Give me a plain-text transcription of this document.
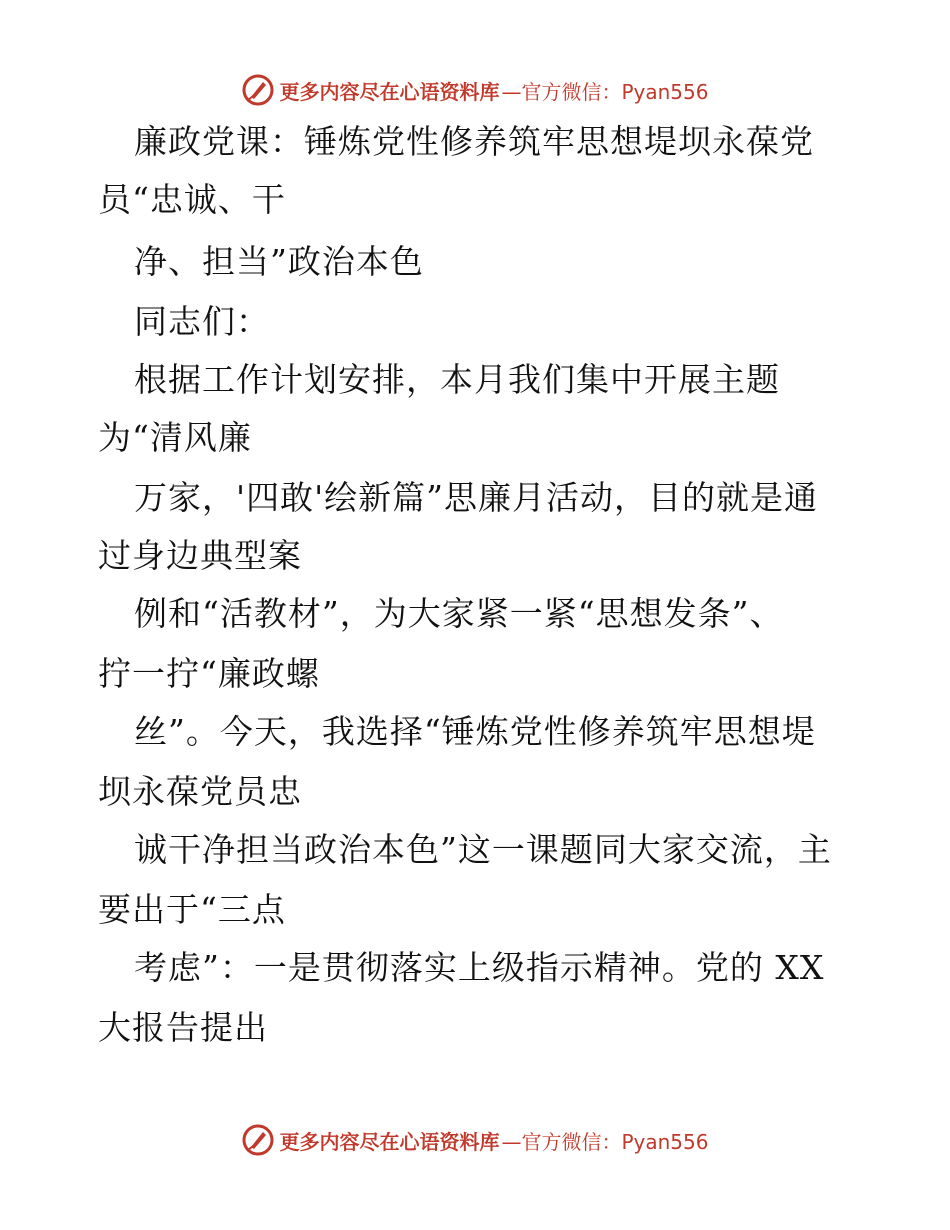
更多内容尽在心语资料库 —官方微信：Pyan556
廉政党课：锤炼党性修养筑牢思想堤坝永葆党
员“忠诚、干
净、担当”政治本色
同志们：
根据工作计划安排，本月我们集中开展主题
为“清风廉
万家，'四敢'绘新篇”思廉月活动，目的就是通
过身边典型案
例和“活教材”，为大家紧一紧“思想发条”、
拧一拧“廉政螺
丝”。今天，我选择“锤炼党性修养筑牢思想堤
坝永葆党员忠
诚干净担当政治本色”这一课题同大家交流，主
要出于“三点
考虑”：一是贯彻落实上级指示精神。党的 XX
大报告提出
更多内容尽在心语资料库 —官方微信：Pyan556
